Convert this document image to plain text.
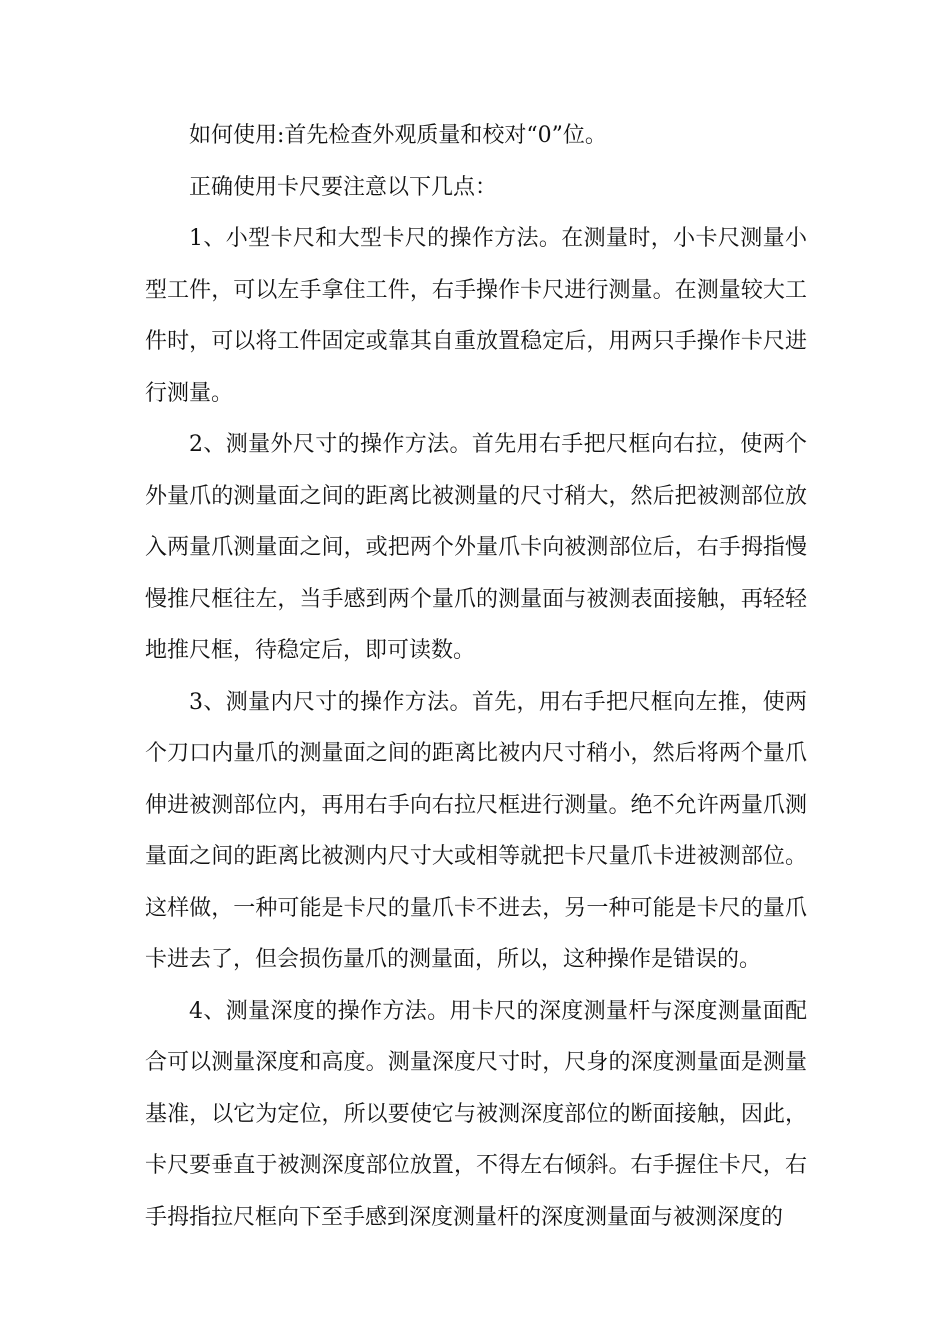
如何使用:首先检查外观质量和校对“0”位。

正确使用卡尺要注意以下几点：

1、小型卡尺和大型卡尺的操作方法。在测量时，小卡尺测量小型工件，可以左手拿住工件，右手操作卡尺进行测量。在测量较大工件时，可以将工件固定或靠其自重放置稳定后，用两只手操作卡尺进行测量。

2、测量外尺寸的操作方法。首先用右手把尺框向右拉，使两个外量爪的测量面之间的距离比被测量的尺寸稍大，然后把被测部位放入两量爪测量面之间，或把两个外量爪卡向被测部位后，右手拇指慢慢推尺框往左，当手感到两个量爪的测量面与被测表面接触，再轻轻地推尺框，待稳定后，即可读数。

3、测量内尺寸的操作方法。首先，用右手把尺框向左推，使两个刀口内量爪的测量面之间的距离比被内尺寸稍小，然后将两个量爪伸进被测部位内，再用右手向右拉尺框进行测量。绝不允许两量爪测量面之间的距离比被测内尺寸大或相等就把卡尺量爪卡进被测部位。这样做，一种可能是卡尺的量爪卡不进去，另一种可能是卡尺的量爪卡进去了，但会损伤量爪的测量面，所以，这种操作是错误的。

4、测量深度的操作方法。用卡尺的深度测量杆与深度测量面配合可以测量深度和高度。测量深度尺寸时，尺身的深度测量面是测量基准，以它为定位，所以要使它与被测深度部位的断面接触，因此，卡尺要垂直于被测深度部位放置，不得左右倾斜。右手握住卡尺，右手拇指拉尺框向下至手感到深度测量杆的深度测量面与被测深度的
